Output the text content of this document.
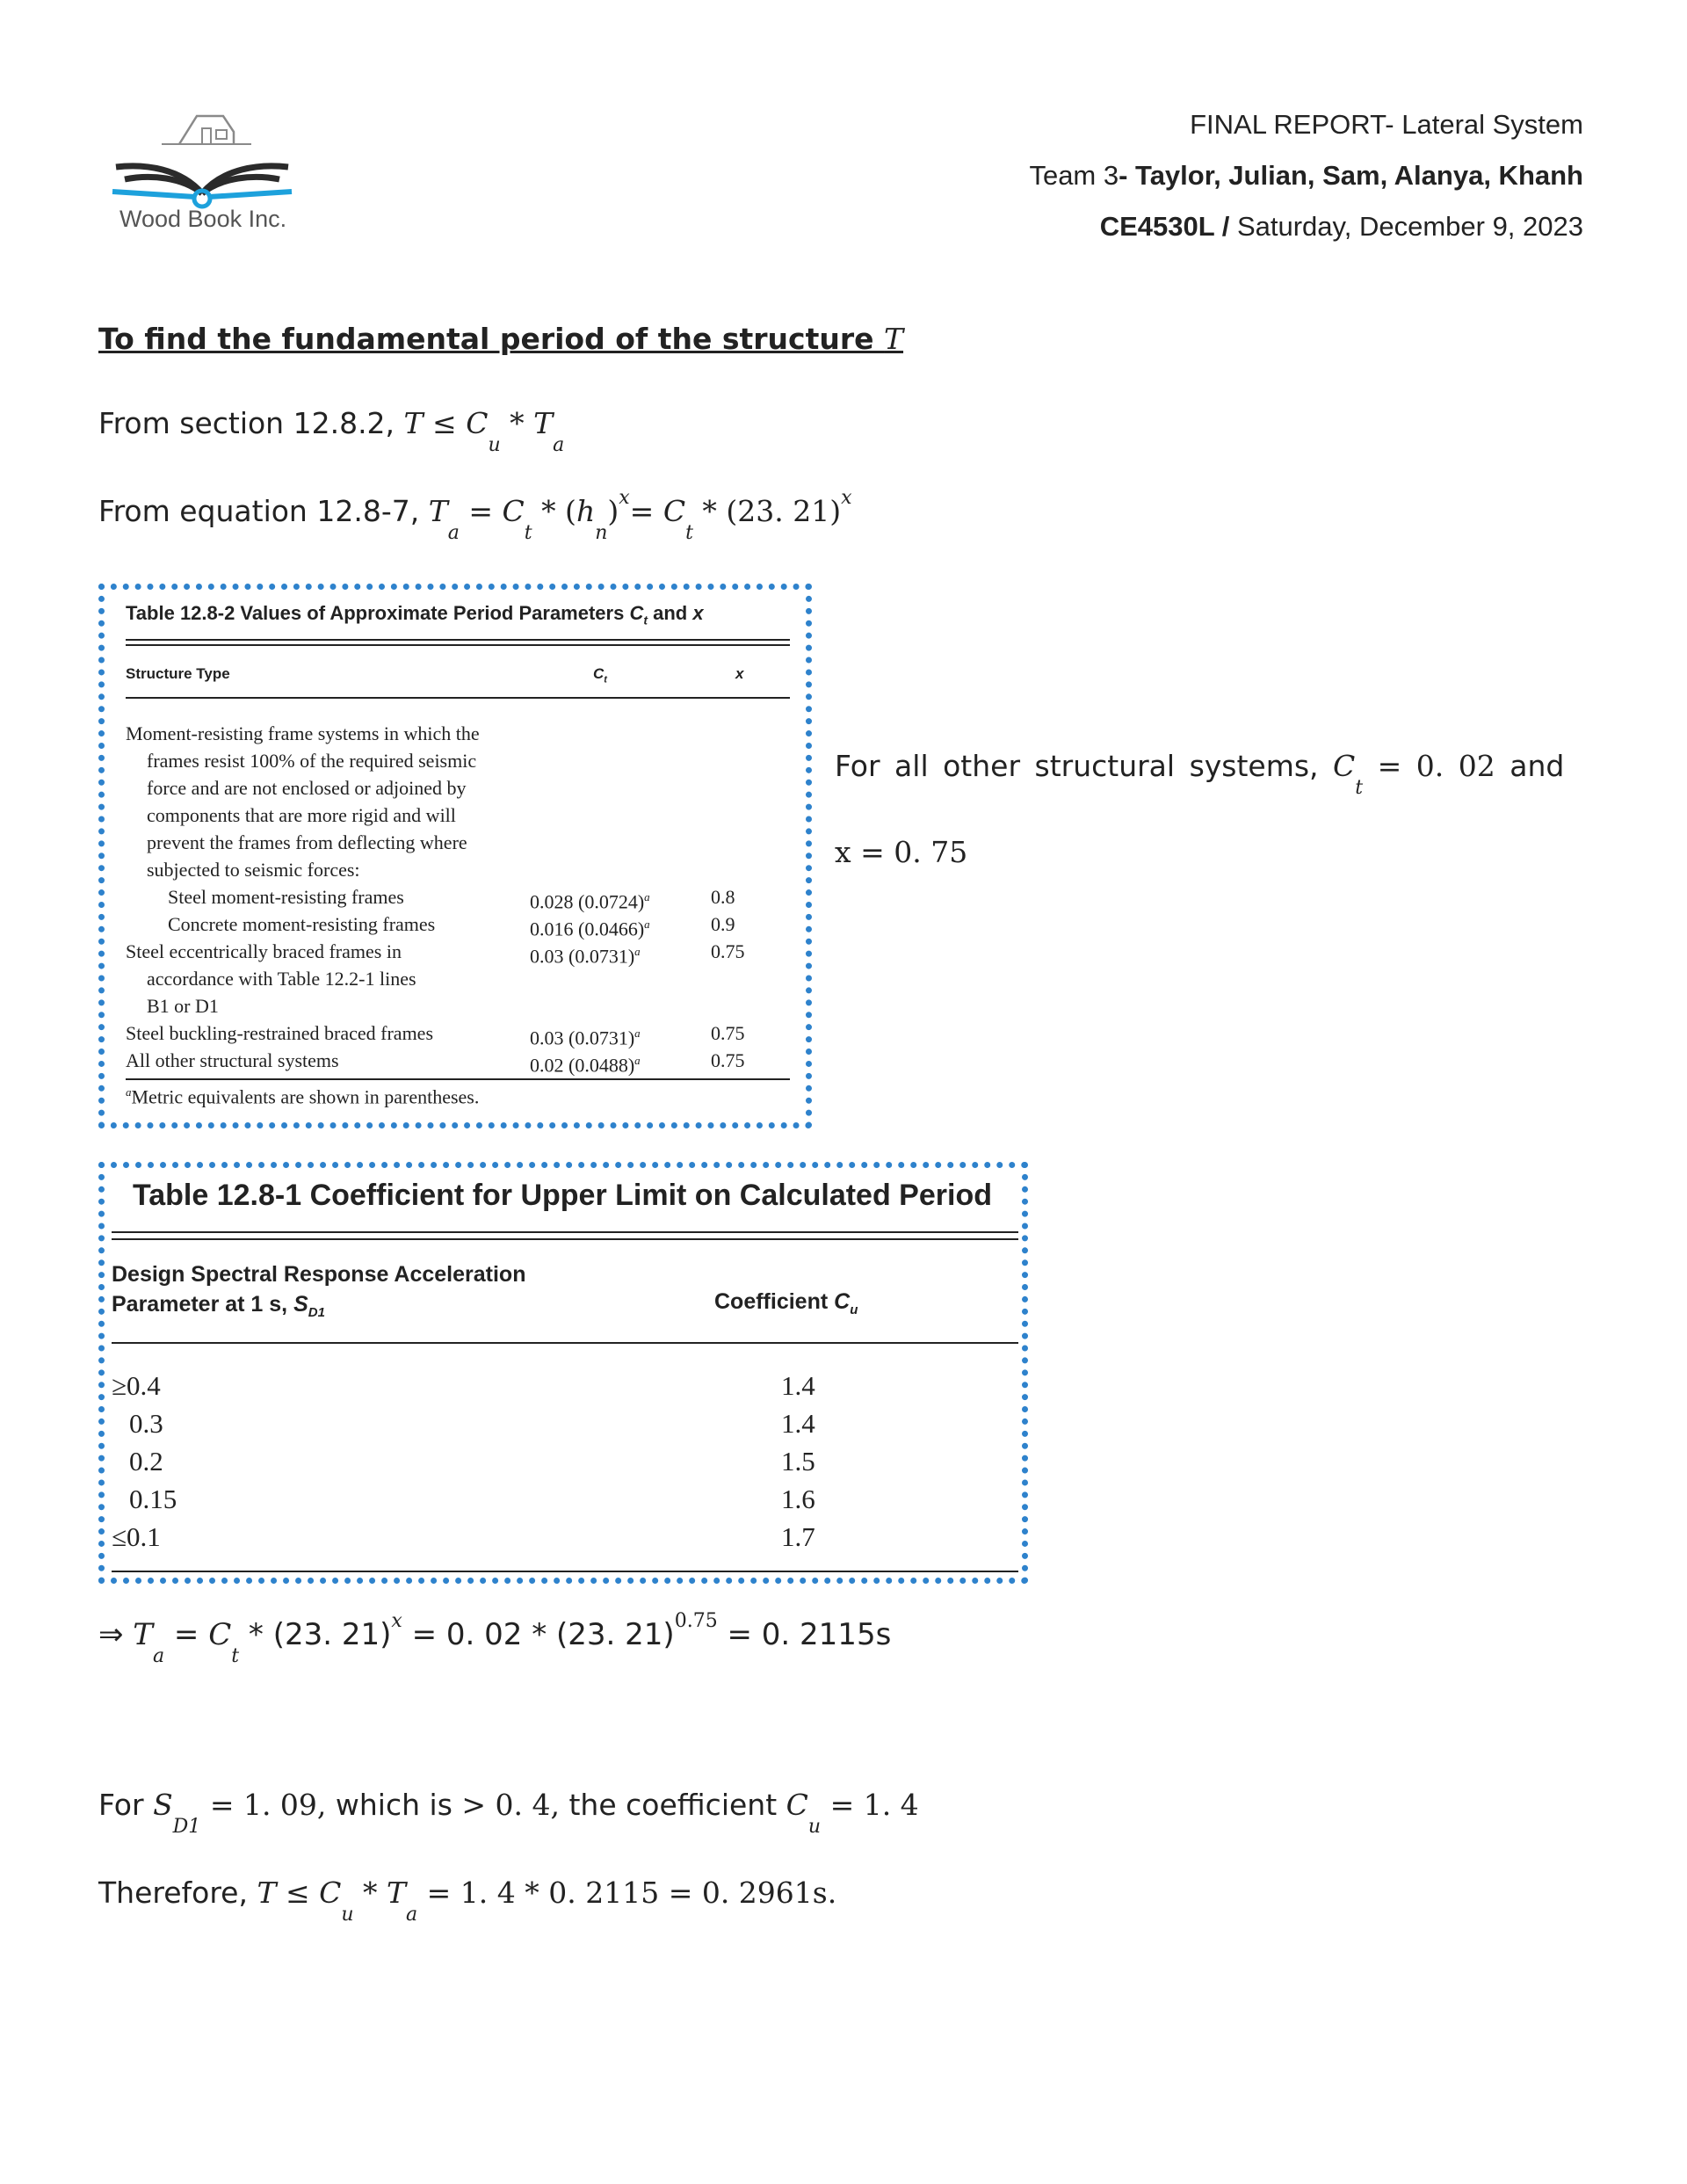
Wood Book Inc.
FINAL REPORT- Lateral System
Team 3- Taylor, Julian, Sam, Alanya, Khanh
CE4530L / Saturday, December 9, 2023
To find the fundamental period of the structure T
From section 12.8.2, $T \le C_u * T_a$
From equation 12.8-7, $T_a = C_t * (h_n)^x= C_t * (23$. 21)$^x$
Table 12.8-2 Values of Approximate Period Parameters $C_t$ and x
Structure Type	$C_t$	x
Moment-resisting frame systems in which the
frames resist 100% of the required seismic
force and are not enclosed or adjoined by
components that are more rigid and will
prevent the frames from deflecting where
subjected to seismic forces:
Steel moment-resisting frames	0.028 $(0.0724)^a$	0.8
Concrete moment-resisting frames	0.016 $(0.0466)^a$	0.9
Steel eccentrically braced frames in	0.03 $(0.0731)^a$	0.75
accordance with Table 12.2-1 lines
B1 or D1
Steel buckling-restrained braced frames	0.03 $(0.0731)^a$	0.75
All other structural systems	0.02 $(0.0488)^a$	0.75
$^a$Metric equivalents are shown in parentheses.
For all other structural systems, $C_t = 0$. 02 and
x = 0. 75
Table 12.8-1 Coefficient for Upper Limit on Calculated Period
Design Spectral Response Acceleration
Parameter at 1 s, $S_{D1}$	Coefficient $C_u$
≥0.4	1.4
0.3	1.4
0.2	1.5
0.15	1.6
≤0.1	1.7
⇒ $T_a = C_t * (23$. 21)$^x$ = 0. 02 * (23. 21)$^{0.75}$ = 0. 2115s
For $S_{D1} = 1$. 09, which is > 0. 4, the coefficient $C_u = 1$. 4
Therefore, $T \le C_u * T_a = 1$. 4 * 0. 2115 = 0. 2961s.
